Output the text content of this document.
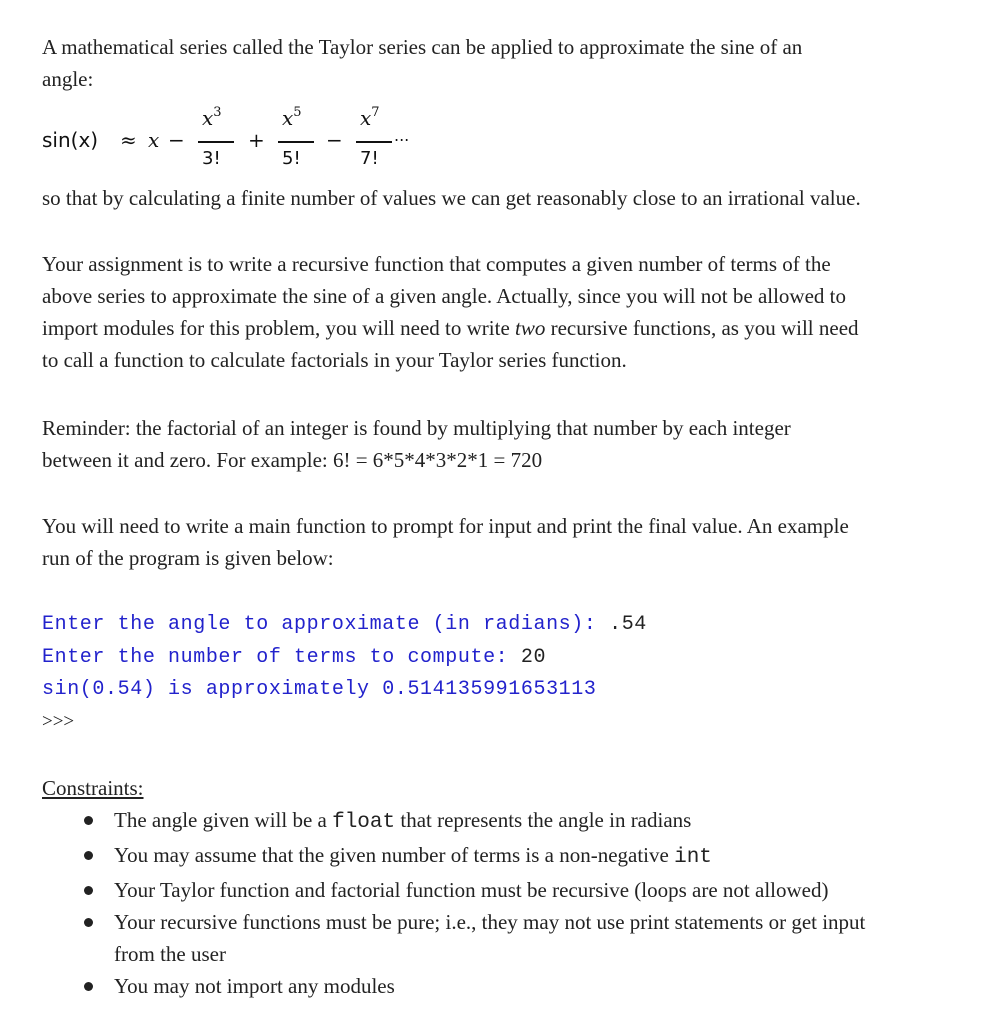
A mathematical series called the Taylor series can be applied to approximate the sine of an
angle:

sin(x) ≈ x −
$x^3$
3!
+
$x^5$
5!
−
$x^7$
7!
...

so that by calculating a finite number of values we can get reasonably close to an irrational value.

Your assignment is to write a recursive function that computes a given number of terms of the
above series to approximate the sine of a given angle. Actually, since you will not be allowed to
import modules for this problem, you will need to write two recursive functions, as you will need
to call a function to calculate factorials in your Taylor series function.

Reminder: the factorial of an integer is found by multiplying that number by each integer
between it and zero. For example: 6! = 6*5*4*3*2*1 = 720

You will need to write a main function to prompt for input and print the final value. An example
run of the program is given below:

Enter the angle to approximate (in radians): .54
Enter the number of terms to compute: 20
sin(0.54) is approximately 0.514135991653113
>>>

Constraints:

The angle given will be a float that represents the angle in radians
You may assume that the given number of terms is a non-negative int
Your Taylor function and factorial function must be recursive (loops are not allowed)
Your recursive functions must be pure; i.e., they may not use print statements or get input
from the user
You may not import any modules
